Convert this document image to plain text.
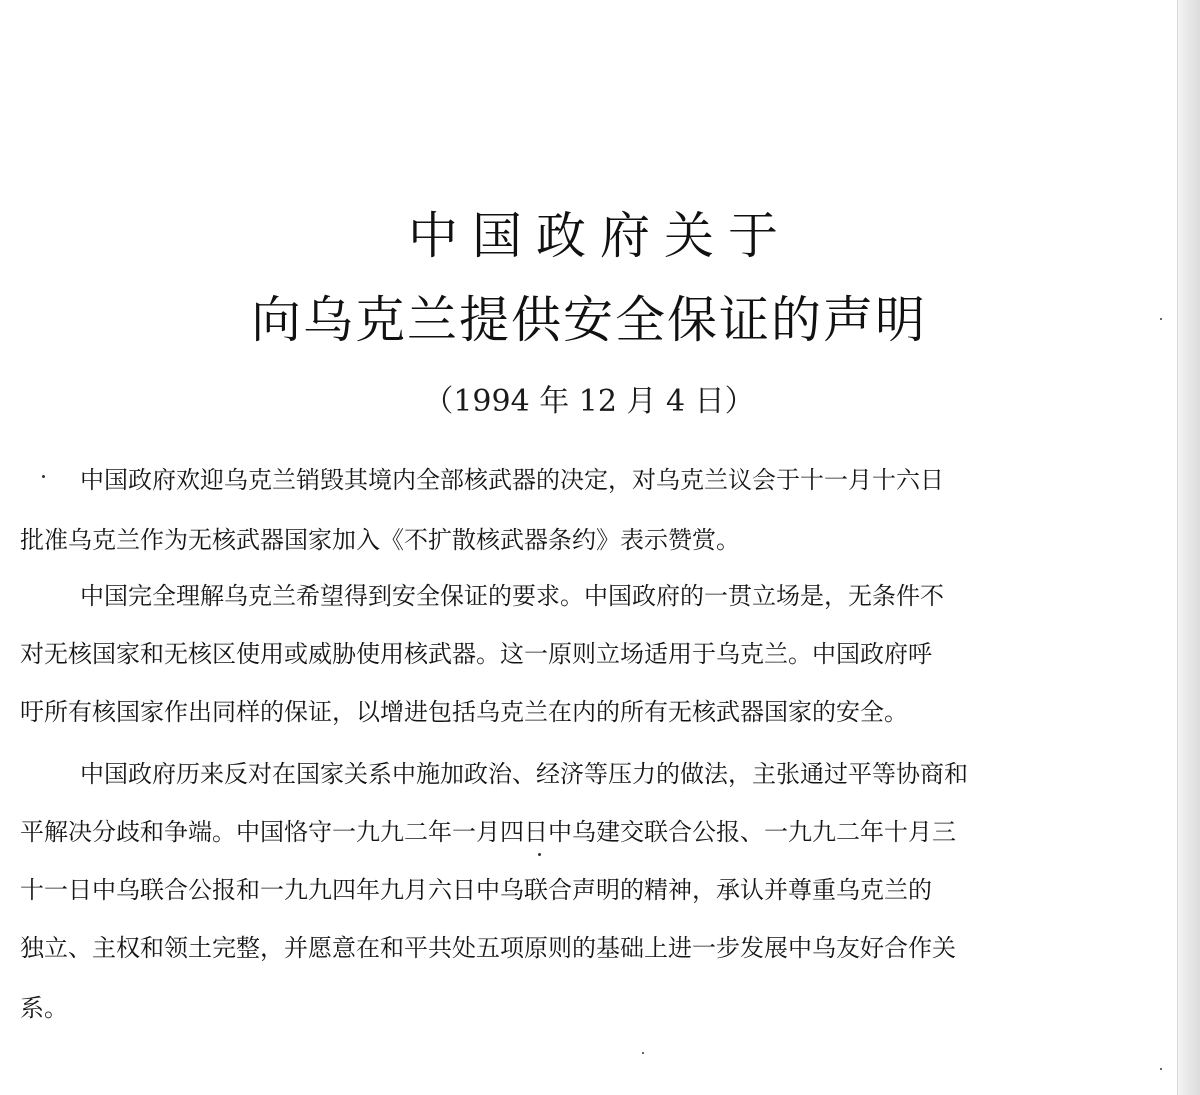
中国政府关于
向乌克兰提供安全保证的声明
（1994 年 12 月 4 日）
中国政府欢迎乌克兰销毁其境内全部核武器的决定，对乌克兰议会于十一月十六日
批准乌克兰作为无核武器国家加入《不扩散核武器条约》表示赞赏。
中国完全理解乌克兰希望得到安全保证的要求。中国政府的一贯立场是，无条件不
对无核国家和无核区使用或威胁使用核武器。这一原则立场适用于乌克兰。中国政府呼
吁所有核国家作出同样的保证，以增进包括乌克兰在内的所有无核武器国家的安全。
中国政府历来反对在国家关系中施加政治、经济等压力的做法，主张通过平等协商和
平解决分歧和争端。中国恪守一九九二年一月四日中乌建交联合公报、一九九二年十月三
十一日中乌联合公报和一九九四年九月六日中乌联合声明的精神，承认并尊重乌克兰的
独立、主权和领土完整，并愿意在和平共处五项原则的基础上进一步发展中乌友好合作关
系。
